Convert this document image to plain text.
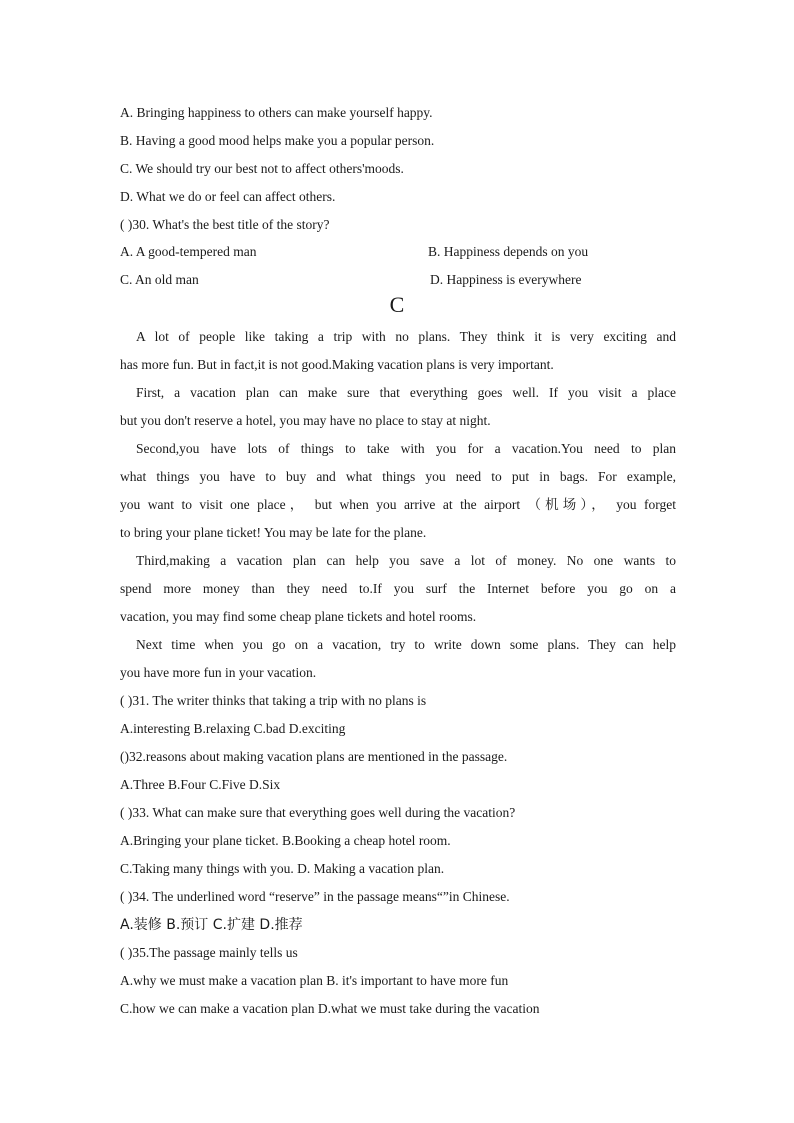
A. Bringing happiness to others can make yourself happy.
B. Having a good mood helps make you a popular person.
C. We should try our best not to affect others'moods.
D. What we do or feel can affect others.
( )30. What's the best title of the story?
A. A good-tempered man	B. Happiness depends on you
C. An old man	D. Happiness is everywhere
C
A lot of people like taking a trip with no plans. They think it is very exciting and
has more fun. But in fact,it is not good.Making vacation plans is very important.
First, a vacation plan can make sure that everything goes well. If you visit a place
but you don't reserve a hotel, you may have no place to stay at night.
Second,you have lots of things to take with you for a vacation.You need to plan
what things you have to buy and what things you need to put in bags. For example,
you want to visit one place， but when you arrive at the airport （机场）， you forget
to bring your plane ticket! You may be late for the plane.
Third,making a vacation plan can help you save a lot of money. No one wants to
spend more money than they need to.If you surf the Internet before you go on a
vacation, you may find some cheap plane tickets and hotel rooms.
Next time when you go on a vacation, try to write down some plans. They can help
you have more fun in your vacation.
( )31. The writer thinks that taking a trip with no plans is
A.interesting B.relaxing C.bad D.exciting
()32.reasons about making vacation plans are mentioned in the passage.
A.Three B.Four C.Five D.Six
( )33. What can make sure that everything goes well during the vacation?
A.Bringing your plane ticket. B.Booking a cheap hotel room.
C.Taking many things with you. D. Making a vacation plan.
( )34. The underlined word “reserve” in the passage means“”in Chinese.
A.装修 B.预订 C.扩建 D.推荐
( )35.The passage mainly tells us
A.why we must make a vacation plan B. it's important to have more fun
C.how we can make a vacation plan D.what we must take during the vacation
